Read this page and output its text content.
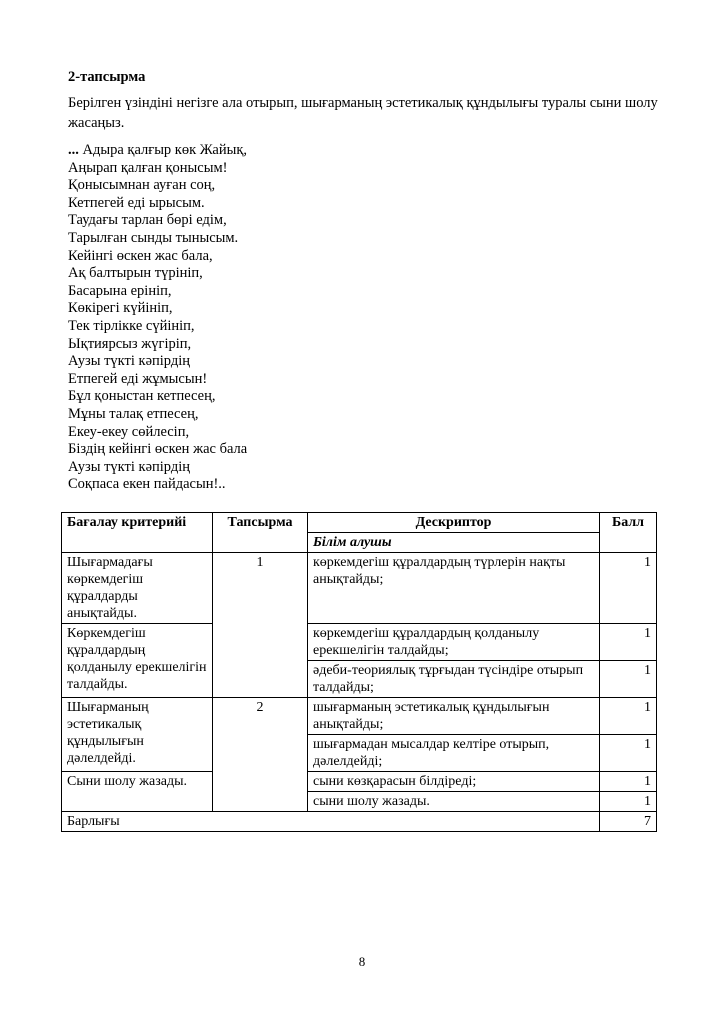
2-тапсырма

Берілген үзіндіні негізге ала отырып, шығарманың эстетикалық құндылығы туралы сыни шолу жасаңыз.

... Адыра қалғыр көк Жайық,
Аңырап қалған қонысым!
Қонысымнан ауған соң,
Кетпегей еді ырысым.
Таудағы тарлан бөрі едім,
Тарылған сынды тынысым.
Кейінгі өскен жас бала,
Ақ балтырын түрініп,
Басарына ерініп,
Көкірегі күйініп,
Тек тірлікке сүйініп,
Ықтиярсыз жүгіріп,
Аузы түкті кәпірдің
Етпегей еді жұмысын!
Бұл қоныстан кетпесең,
Мұны талақ етпесең,
Екеу-екеу сөйлесіп,
Біздің кейінгі өскен жас бала
Аузы түкті кәпірдің
Соқпаса екен пайдасын!..
Бағалау критерийі	Тапсырма	Дескриптор	Балл
		Білім алушы	
Шығармадағы көркемдегіш құралдарды анықтайды.	1	көркемдегіш құралдардың түрлерін нақты анықтайды;	1
Көркемдегіш құралдардың қолданылу ерекшелігін талдайды.		көркемдегіш құралдардың қолданылу ерекшелігін талдайды;	1
		әдеби-теориялық тұрғыдан түсіндіре отырып талдайды;	1
Шығарманың эстетикалық құндылығын дәлелдейді.	2	шығарманың эстетикалық құндылығын анықтайды;	1
		шығармадан мысалдар келтіре отырып, дәлелдейді;	1
Сыни шолу жазады.		сыни көзқарасын білдіреді;	1
		сыни шолу жазады.	1
Барлығы			7
8
